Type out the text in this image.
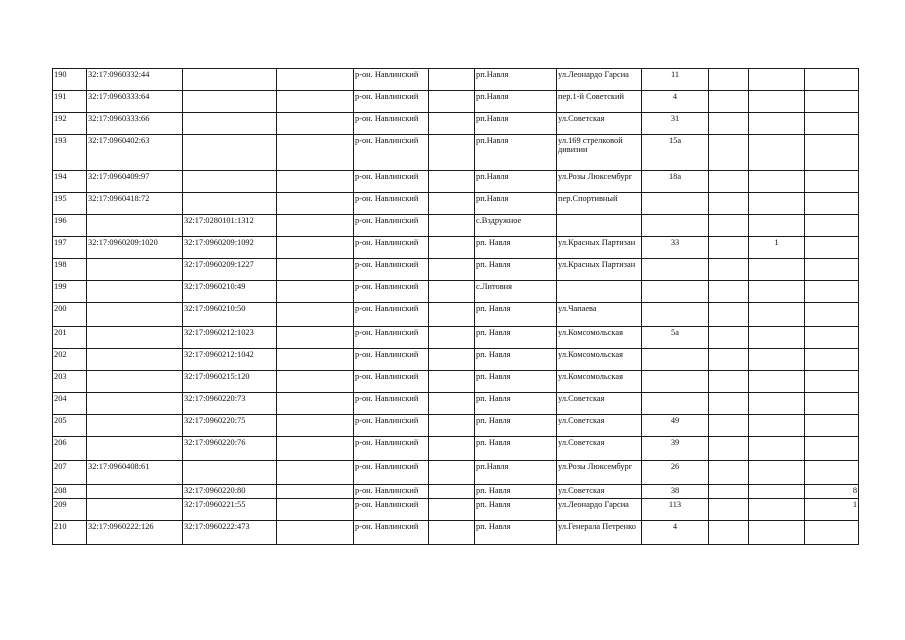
190	32:17:0960332:44			р-он. Навлинский		рп.Навля	ул.Леонардо Гарсиа	11			
191	32:17:0960333:64			р-он. Навлинский		рп.Навля	пер.1-й Советский	4			
192	32:17:0960333:66			р-он. Навлинский		рп.Навля	ул.Советская	31			
193	32:17:0960402:63			р-он. Навлинский		рп.Навля	ул.169 стрелковой дивизии	15а			
194	32:17:0960409:97			р-он. Навлинский		рп.Навля	ул.Розы Люксембург	18а			
195	32:17:0960418:72			р-он. Навлинский		рп.Навля	пер.Спортивный				
196		32:17:0280101:1312		р-он. Навлинский		с.Вздружное					
197	32:17:0960209:1020	32:17:0960209:1092		р-он. Навлинский		рп. Навля	ул.Красных Партизан	33		1	
198		32:17:0960209:1227		р-он. Навлинский		рп. Навля	ул.Красных Партизан				
199		32:17:0960210:49		р-он. Навлинский		с.Литовня					
200		32:17:0960210:50		р-он. Навлинский		рп. Навля	ул.Чапаева				
201		32:17:0960212:1023		р-он. Навлинский		рп. Навля	ул.Комсомольская	5а			
202		32:17:0960212:1042		р-он. Навлинский		рп. Навля	ул.Комсомольская				
203		32:17:0960215:120		р-он. Навлинский		рп. Навля	ул.Комсомольская				
204		32:17:0960220:73		р-он. Навлинский		рп. Навля	ул.Советская				
205		32:17:0960220:75		р-он. Навлинский		рп. Навля	ул.Советская	49			
206		32:17:0960220:76		р-он. Навлинский		рп. Навля	ул.Советская	39			
207	32:17:0960408:61			р-он. Навлинский		рп.Навля	ул.Розы Люксембург	26			
208		32:17:0960220:80		р-он. Навлинский		рп. Навля	ул.Советская	38			8
209		32:17:0960221:55		р-он. Навлинский		рп. Навля	ул.Леонардо Гарсиа	113			1
210	32:17:0960222:126	32:17:0960222:473		р-он. Навлинский		рп. Навля	ул.Генерала Петренко	4			
